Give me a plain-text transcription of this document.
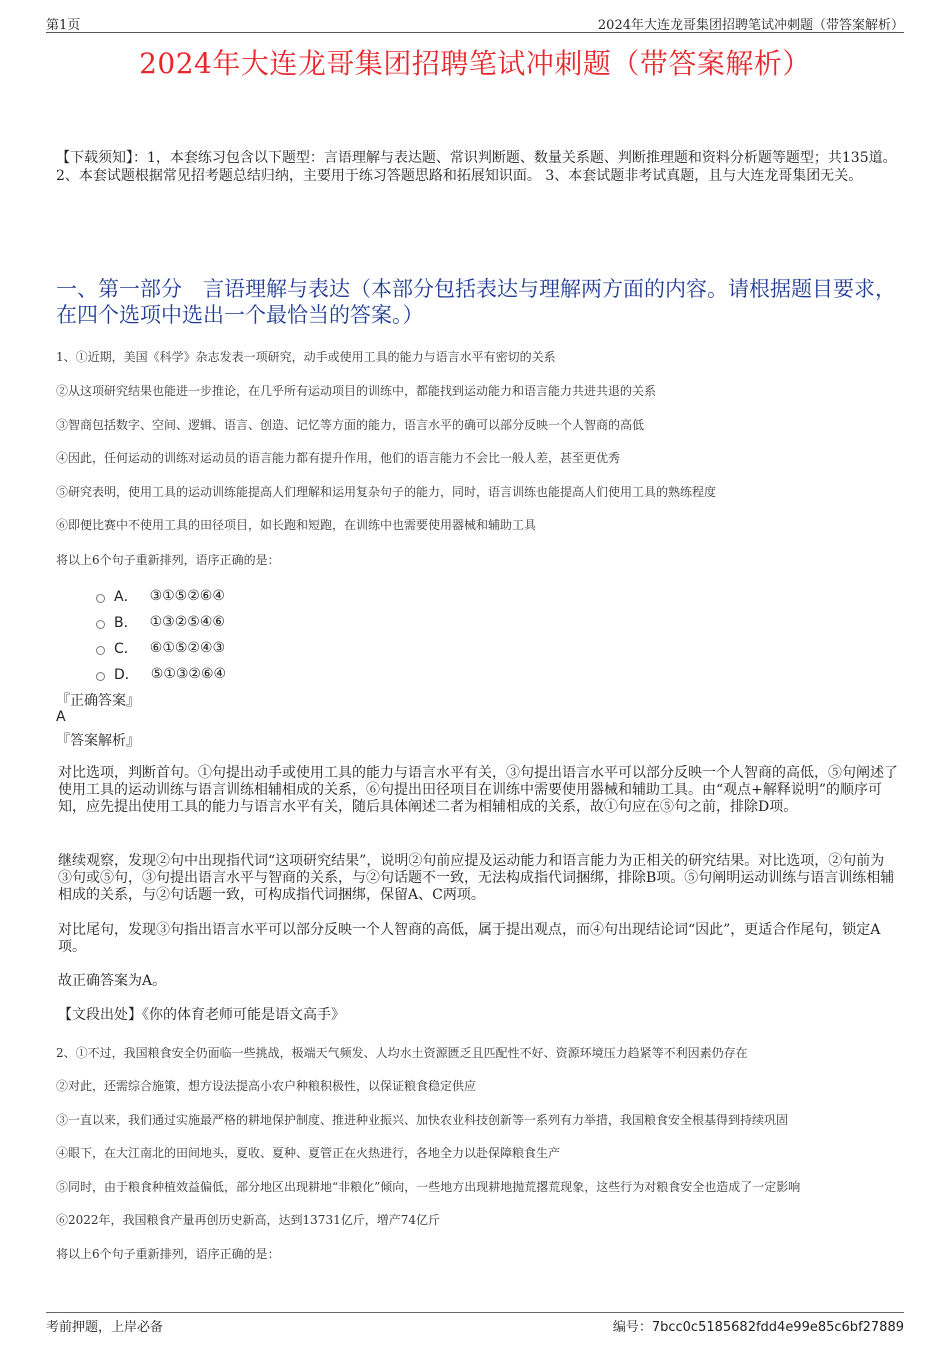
第1页	2024年大连龙哥集团招聘笔试冲刺题（带答案解析）
2024年大连龙哥集团招聘笔试冲刺题（带答案解析）
【下载须知】：1，本套练习包含以下题型：言语理解与表达题、常识判断题、数量关系题、判断推理题和资料分析题等题型；共135道。 2、本套试题根据常见招考题总结归纳，主要用于练习答题思路和拓展知识面。 3、本套试题非考试真题，且与大连龙哥集团无关。
一、第一部分　言语理解与表达（本部分包括表达与理解两方面的内容。请根据题目要求，在四个选项中选出一个最恰当的答案。）
1、①近期，美国《科学》杂志发表一项研究，动手或使用工具的能力与语言水平有密切的关系
②从这项研究结果也能进一步推论，在几乎所有运动项目的训练中，都能找到运动能力和语言能力共进共退的关系
③智商包括数字、空间、逻辑、语言、创造、记忆等方面的能力，语言水平的确可以部分反映一个人智商的高低
④因此，任何运动的训练对运动员的语言能力都有提升作用，他们的语言能力不会比一般人差，甚至更优秀
⑤研究表明，使用工具的运动训练能提高人们理解和运用复杂句子的能力，同时，语言训练也能提高人们使用工具的熟练程度
⑥即便比赛中不使用工具的田径项目，如长跑和短跑，在训练中也需要使用器械和辅助工具
将以上6个句子重新排列，语序正确的是：
A． ③①⑤②⑥④
B． ①③②⑤④⑥
C． ⑥①⑤②④③
D． ⑤①③②⑥④
『正确答案』
A
『答案解析』
对比选项，判断首句。①句提出动手或使用工具的能力与语言水平有关，③句提出语言水平可以部分反映一个人智商的高低，⑤句阐述了使用工具的运动训练与语言训练相辅相成的关系，⑥句提出田径项目在训练中需要使用器械和辅助工具。由“观点+解释说明”的顺序可知，应先提出使用工具的能力与语言水平有关，随后具体阐述二者为相辅相成的关系，故①句应在⑤句之前，排除D项。
继续观察，发现②句中出现指代词“这项研究结果”，说明②句前应提及运动能力和语言能力为正相关的研究结果。对比选项，②句前为③句或⑤句，③句提出语言水平与智商的关系，与②句话题不一致，无法构成指代词捆绑，排除B项。⑤句阐明运动训练与语言训练相辅相成的关系，与②句话题一致，可构成指代词捆绑，保留A、C两项。
对比尾句，发现③句指出语言水平可以部分反映一个人智商的高低，属于提出观点，而④句出现结论词“因此”，更适合作尾句，锁定A项。
故正确答案为A。
【文段出处】《你的体育老师可能是语文高手》
2、①不过，我国粮食安全仍面临一些挑战，极端天气频发、人均水土资源匮乏且匹配性不好、资源环境压力趋紧等不利因素仍存在
②对此，还需综合施策，想方设法提高小农户种粮积极性，以保证粮食稳定供应
③一直以来，我们通过实施最严格的耕地保护制度、推进种业振兴、加快农业科技创新等一系列有力举措，我国粮食安全根基得到持续巩固
④眼下，在大江南北的田间地头，夏收、夏种、夏管正在火热进行，各地全力以赴保障粮食生产
⑤同时，由于粮食种植效益偏低，部分地区出现耕地“非粮化”倾向，一些地方出现耕地抛荒撂荒现象，这些行为对粮食安全也造成了一定影响
⑥2022年，我国粮食产量再创历史新高，达到13731亿斤，增产74亿斤
将以上6个句子重新排列，语序正确的是：
考前押题，上岸必备	编号：7bcc0c5185682fdd4e99e85c6bf27889
